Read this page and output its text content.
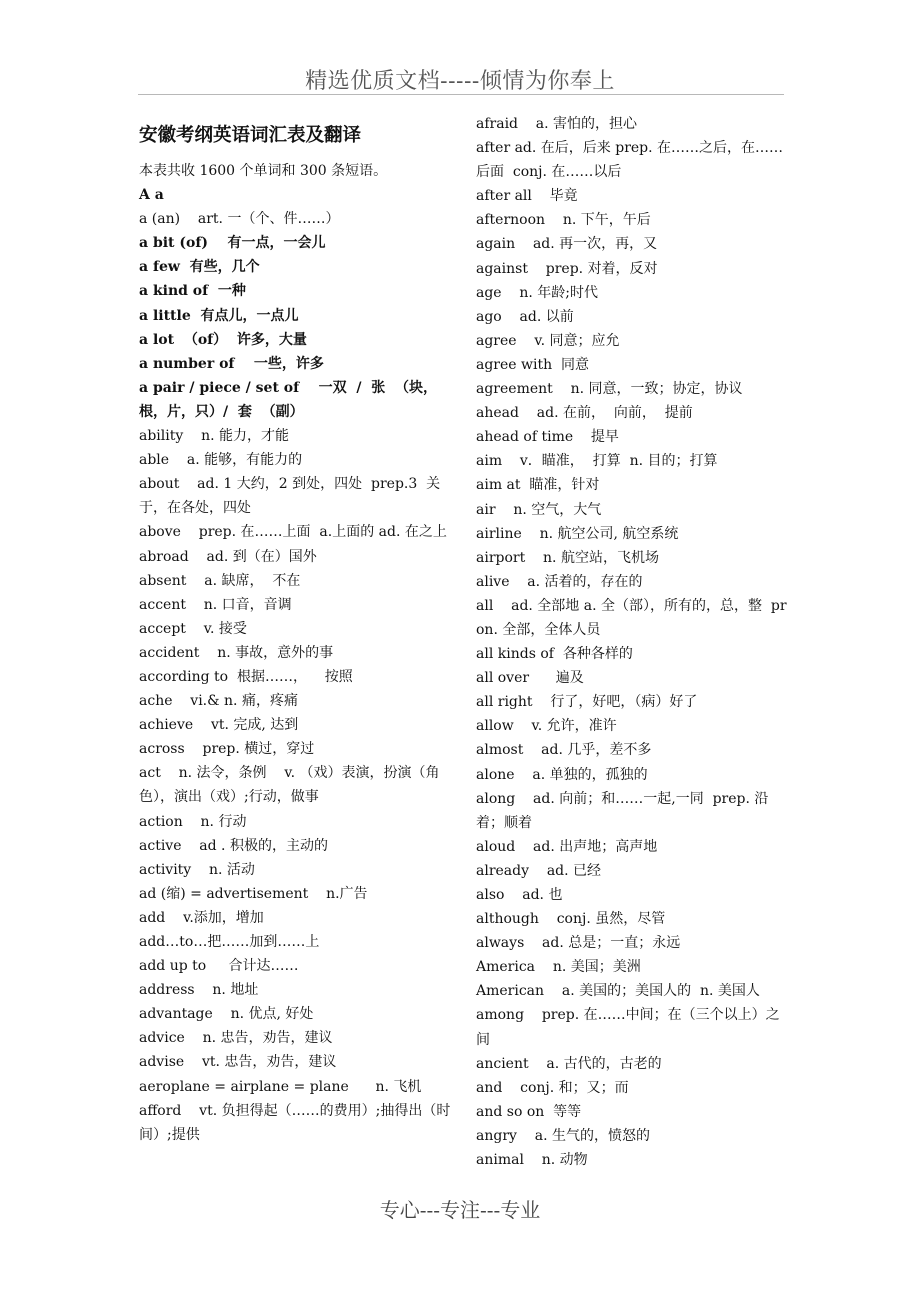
精选优质文档-----倾情为你奉上
安徽考纲英语词汇表及翻译
本表共收 1600 个单词和 300 条短语。
A a
a (an)    art. 一（个、件……）
a bit (of)    有一点，一会儿
a few  有些，几个
a kind of  一种
a little  有点儿，一点儿
a lot  （of）  许多，大量
a number of    一些，许多
a pair / piece / set of    一双  /  张  （块，根，片，只）/  套  （副）
ability    n. 能力，才能
able    a. 能够，有能力的
about    ad. 1 大约，2 到处，四处  prep.3  关于，在各处，四处
above    prep. 在……上面  a.上面的 ad. 在之上
abroad    ad. 到（在）国外
absent    a. 缺席，  不在
accent    n. 口音，音调
accept    v. 接受
accident    n. 事故，意外的事
according to  根据……，    按照
ache    vi.& n. 痛，疼痛
achieve    vt. 完成, 达到
across    prep. 横过，穿过
act    n. 法令，条例    v. （戏）表演，扮演（角色），演出（戏）;行动，做事
action    n. 行动
active    ad . 积极的，主动的
activity    n. 活动
ad (缩) = advertisement    n.广告
add    v.添加，增加
add…to…把……加到……上
add up to     合计达……
address    n. 地址
advantage    n. 优点, 好处
advice    n. 忠告，劝告，建议
advise    vt. 忠告，劝告，建议
aeroplane = airplane = plane      n. 飞机
afford    vt. 负担得起（……的费用）;抽得出（时间）;提供
afraid    a. 害怕的，担心
after ad. 在后，后来 prep. 在……之后，在……后面  conj. 在……以后
after all    毕竟
afternoon    n. 下午，午后
again    ad. 再一次，再，又
against    prep. 对着，反对
age    n. 年龄;时代
ago    ad. 以前
agree    v. 同意；应允
agree with  同意
agreement    n. 同意，一致；协定，协议
ahead    ad. 在前，  向前，  提前
ahead of time    提早
aim    v．瞄准，  打算  n. 目的；打算
aim at  瞄准，针对
air    n. 空气，大气
airline    n. 航空公司, 航空系统
airport    n. 航空站，飞机场
alive    a. 活着的，存在的
all    ad. 全部地 a. 全（部），所有的，总，整  pron. 全部，全体人员
all kinds of  各种各样的
all over      遍及
all right    行了，好吧，（病）好了
allow    v. 允许，准许
almost    ad. 几乎，差不多
alone    a. 单独的，孤独的
along    ad. 向前；和……一起,一同  prep. 沿着；顺着
aloud    ad. 出声地；高声地
already    ad. 已经
also    ad. 也
although    conj. 虽然，尽管
always    ad. 总是；一直；永远
America    n. 美国；美洲
American    a. 美国的；美国人的  n. 美国人
among    prep. 在……中间；在（三个以上）之间
ancient    a. 古代的，古老的
and    conj. 和；又；而
and so on  等等
angry    a. 生气的，愤怒的
animal    n. 动物
专心---专注---专业
